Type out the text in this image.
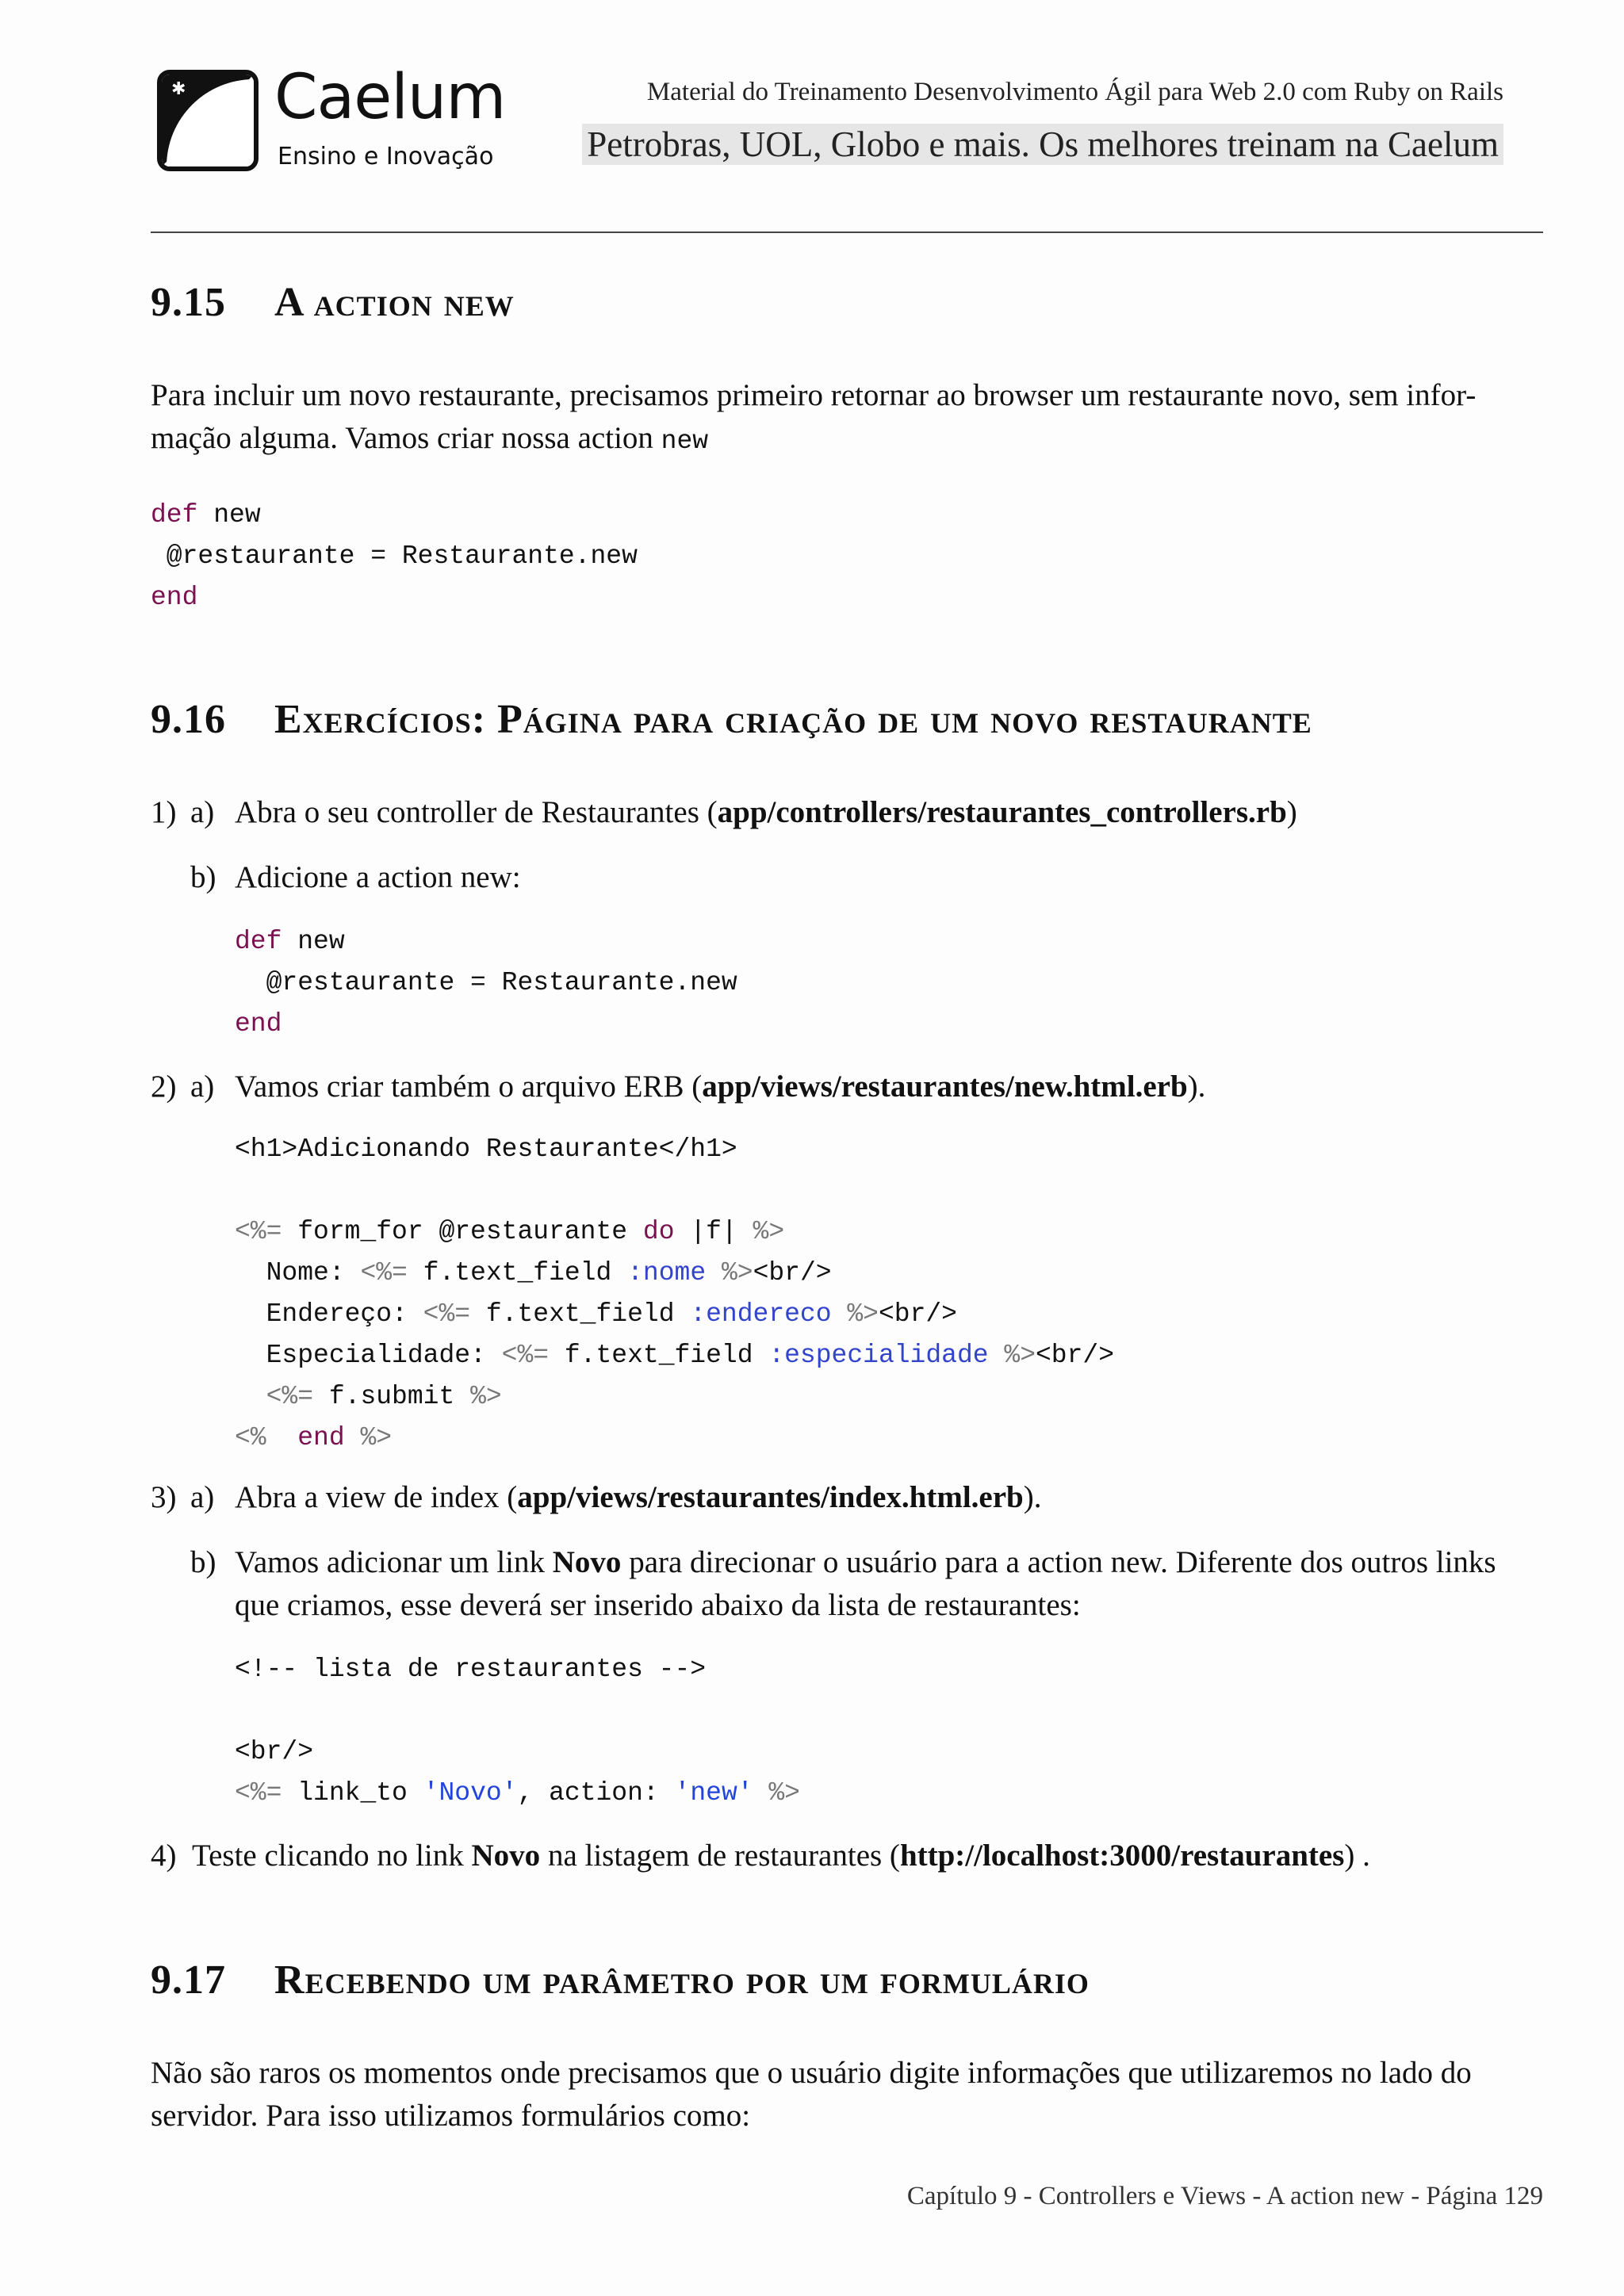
✱ Caelum
Ensino e Inovação
Material do Treinamento Desenvolvimento Ágil para Web 2.0 com Ruby on Rails
Petrobras, UOL, Globo e mais. Os melhores treinam na Caelum
9.15 A action new
Para incluir um novo restaurante, precisamos primeiro retornar ao browser um restaurante novo, sem infor-
mação alguma. Vamos criar nossa action new
def new
@restaurante = Restaurante.new
end
9.16 Exercícios: Página para criação de um novo restaurante
1) a) Abra o seu controller de Restaurantes (app/controllers/restaurantes_controllers.rb)
b) Adicione a action new:
def new
@restaurante = Restaurante.new
end
2) a) Vamos criar também o arquivo ERB (app/views/restaurantes/new.html.erb).
<h1>Adicionando Restaurante</h1>

<%= form_for @restaurante do |f| %>
Nome: <%= f.text_field :nome %><br/>
Endereço: <%= f.text_field :endereco %><br/>
Especialidade: <%= f.text_field :especialidade %><br/>
<%= f.submit %>
<% end %>
3) a) Abra a view de index (app/views/restaurantes/index.html.erb).
b) Vamos adicionar um link Novo para direcionar o usuário para a action new. Diferente dos outros links
que criamos, esse deverá ser inserido abaixo da lista de restaurantes:
<!-- lista de restaurantes -->

<br/>
<%= link_to 'Novo', action: 'new' %>
4) Teste clicando no link Novo na listagem de restaurantes (http://localhost:3000/restaurantes) .
9.17 Recebendo um parâmetro por um formulário
Não são raros os momentos onde precisamos que o usuário digite informações que utilizaremos no lado do
servidor. Para isso utilizamos formulários como:
Capítulo 9 - Controllers e Views - A action new - Página 129
